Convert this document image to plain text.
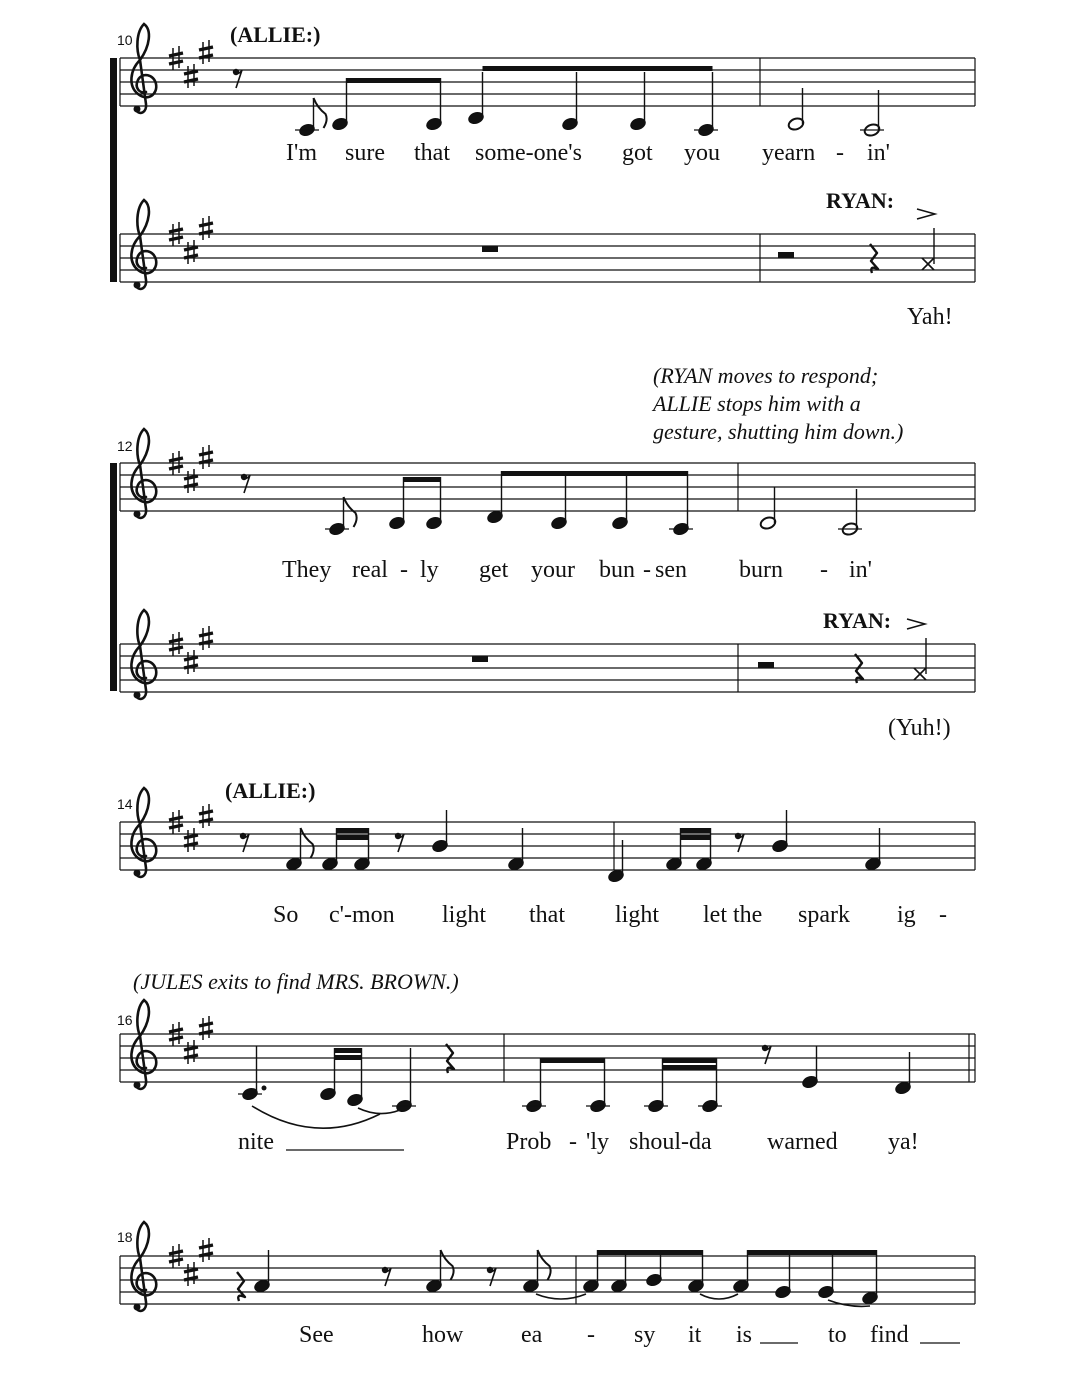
10	(ALLIE:)
I'm sure that some-one's got you yearn - in'
RYAN:
Yah!
(RYAN moves to respond;
ALLIE stops him with a
gesture, shutting him down.)
12
They real - ly get your bun - sen burn - in'
RYAN:
(Yuh!)
14
(ALLIE:)
So c'-mon light that light let the spark ig -
(JULES exits to find MRS. BROWN.)
16
nite	Prob - 'ly shoul-da warned ya!
18
See	how ea - sy it is	to find
